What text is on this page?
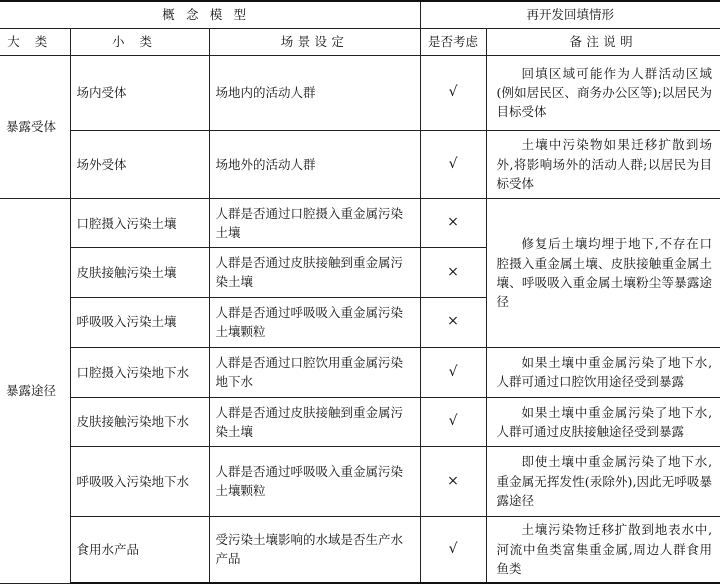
概念模型			再开发回填情形	
大类	小类	场景设定	是否考虑	备注说明
暴露受体	场内受体	场地内的活动人群	√	回填区域可能作为人群活动区域(例如居民区、商务办公区等);以居民为目标受体
	场外受体	场地外的活动人群	√	土壤中污染物如果迁移扩散到场外,将影响场外的活动人群;以居民为目标受体
暴露途径	口腔摄入污染土壤	人群是否通过口腔摄入重金属污染土壤	×	修复后土壤均埋于地下,不存在口腔摄入重金属土壤、皮肤接触重金属土壤、呼吸吸入重金属土壤粉尘等暴露途径
	皮肤接触污染土壤	人群是否通过皮肤接触到重金属污染土壤	×	
	呼吸吸入污染土壤	人群是否通过呼吸吸入重金属污染土壤颗粒	×	
	口腔摄入污染地下水	人群是否通过口腔饮用重金属污染地下水	√	如果土壤中重金属污染了地下水,人群可通过口腔饮用途径受到暴露
	皮肤接触污染地下水	人群是否通过皮肤接触到重金属污染土壤	√	如果土壤中重金属污染了地下水,人群可通过皮肤接触途径受到暴露
	呼吸吸入污染地下水	人群是否通过呼吸吸入重金属污染土壤颗粒	×	即使土壤中重金属污染了地下水,重金属无挥发性(汞除外),因此无呼吸暴露途径
	食用水产品	受污染土壤影响的水域是否生产水产品	√	土壤污染物迁移扩散到地表水中,河流中鱼类富集重金属,周边人群食用鱼类
